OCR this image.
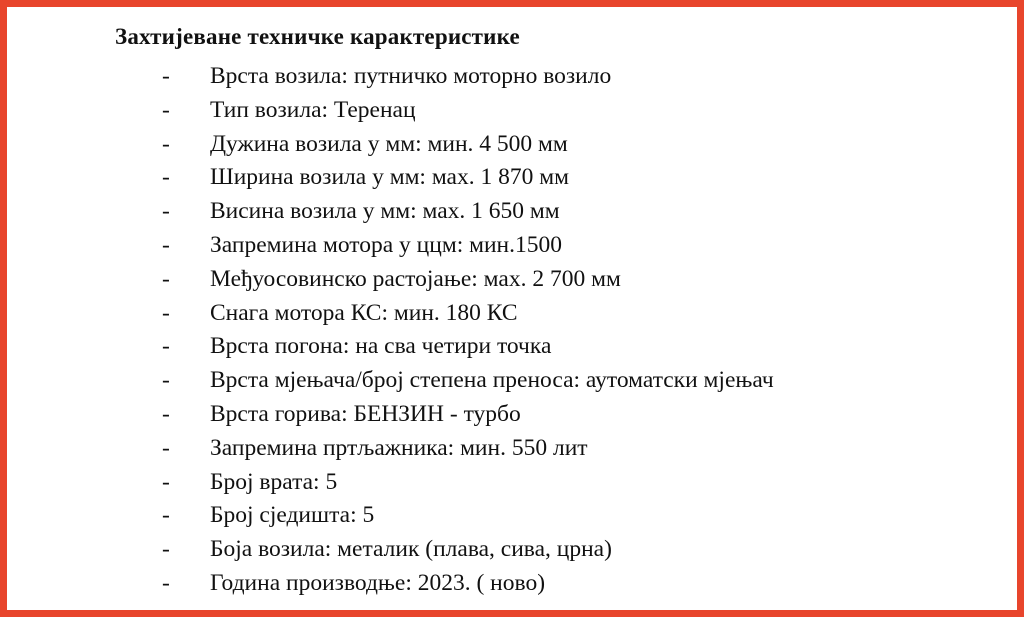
Захтијеване техничке карактеристике
- Врста возила: путничко моторно возило
- Тип возила: Теренац
- Дужина возила у мм: мин. 4 500 мм
- Ширина возила у мм: мах. 1 870 мм
- Висина возила у мм: мах. 1 650 мм
- Запремина мотора у ццм: мин.1500
- Међуосовинско растојање: мах. 2 700 мм
- Снага мотора КС: мин. 180 КС
- Врста погона: на сва четири точка
- Врста мјењача/број степена преноса: аутоматски мјењач
- Врста горива: БЕНЗИН - турбо
- Запремина пртљажника: мин. 550 лит
- Број врата: 5
- Број сједишта: 5
- Боја возила: металик (плава, сива, црна)
- Година производње: 2023. ( ново)
